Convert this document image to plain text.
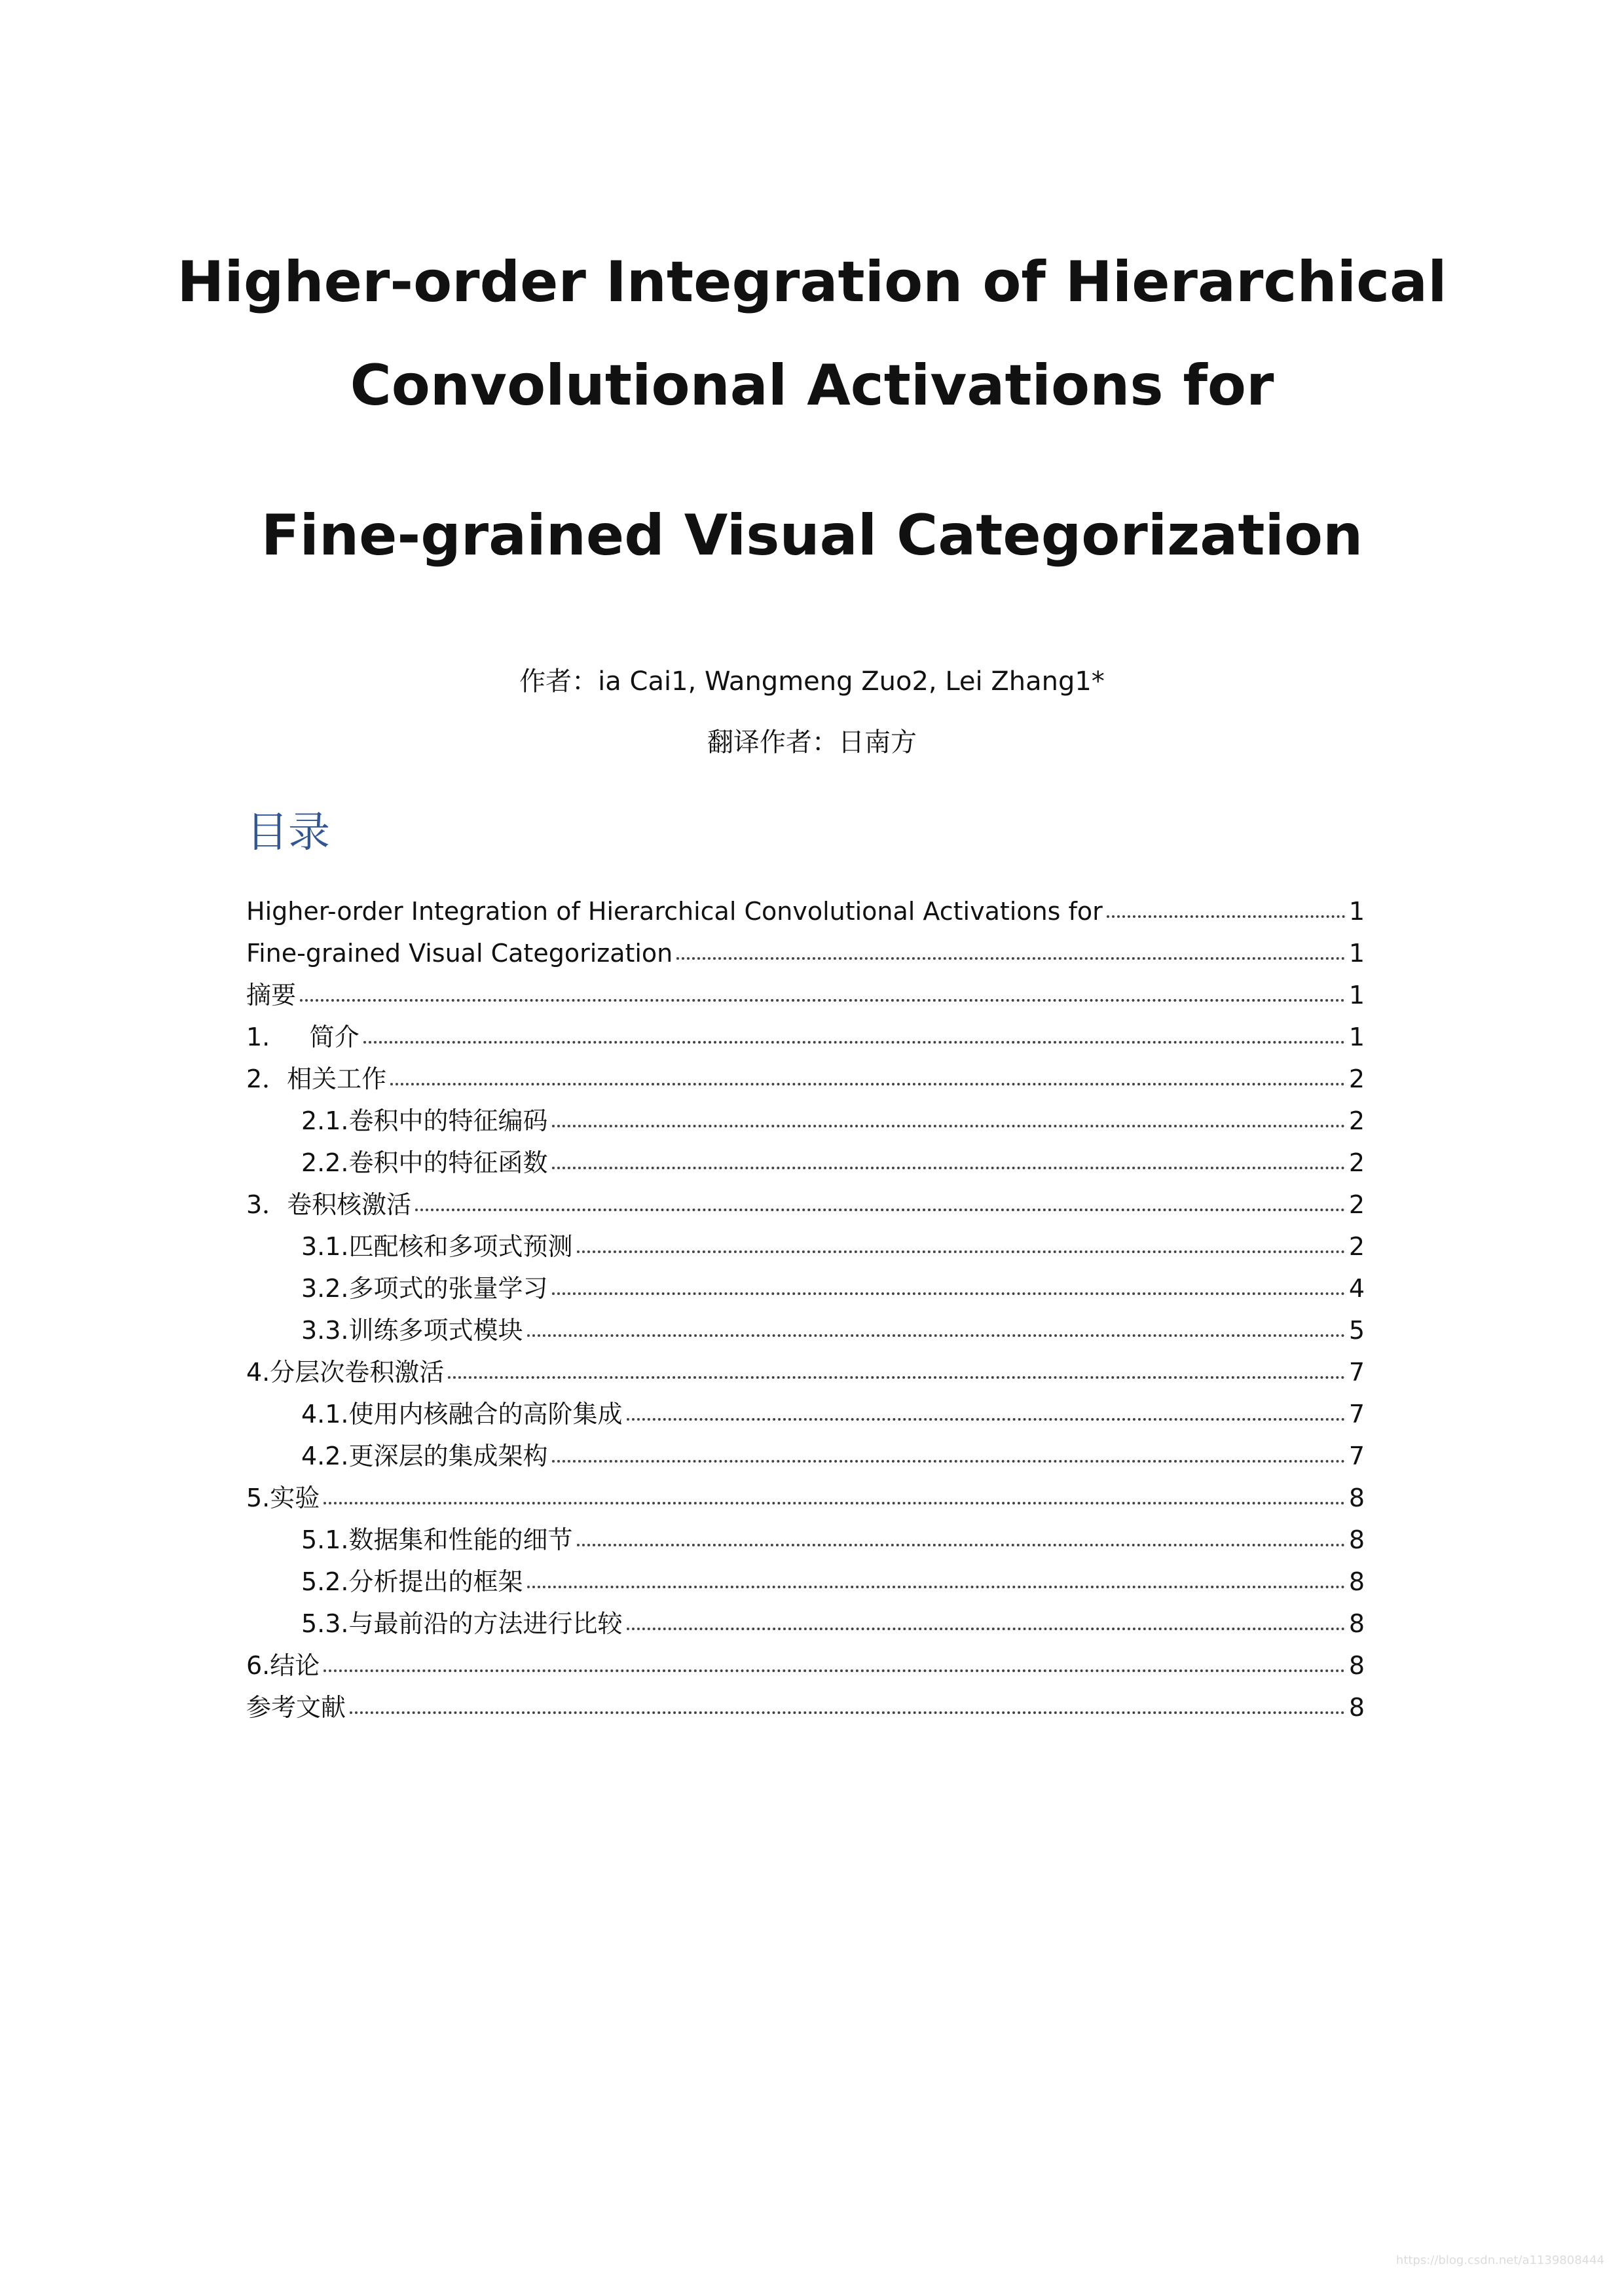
Higher-order Integration of Hierarchical
Convolutional Activations for
Fine-grained Visual Categorization
作者：ia Cai1, Wangmeng Zuo2, Lei Zhang1*
翻译作者：日南方
目录
Higher-order Integration of Hierarchical Convolutional Activations for	1
Fine-grained Visual Categorization	1
摘要	1
1.     简介	1
2．相关工作	2
2.1.卷积中的特征编码	2
2.2.卷积中的特征函数	2
3．卷积核激活	2
3.1.匹配核和多项式预测	2
3.2.多项式的张量学习	4
3.3.训练多项式模块	5
4.分层次卷积激活	7
4.1.使用内核融合的高阶集成	7
4.2.更深层的集成架构	7
5.实验	8
5.1.数据集和性能的细节	8
5.2.分析提出的框架	8
5.3.与最前沿的方法进行比较	8
6.结论	8
参考文献	8
https://blog.csdn.net/a1139808444
